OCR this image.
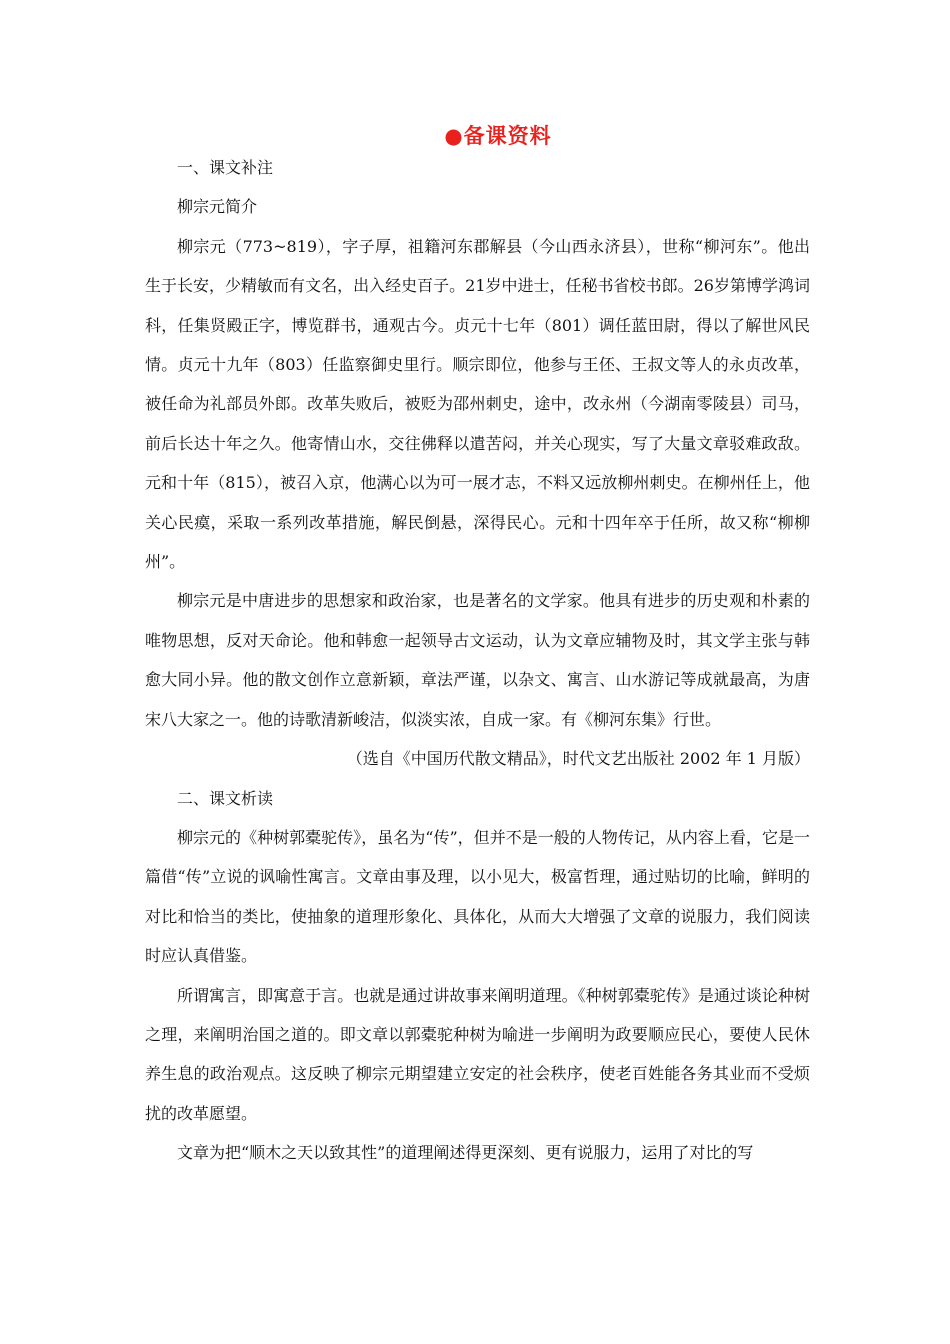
●备课资料

一、课文补注

柳宗元简介

柳宗元（773~819），字子厚，祖籍河东郡解县（今山西永济县），世称“柳河东”。他出生于长安，少精敏而有文名，出入经史百子。21岁中进士，任秘书省校书郎。26岁第博学鸿词科，任集贤殿正字，博览群书，通观古今。贞元十七年（801）调任蓝田尉，得以了解世风民情。贞元十九年（803）任监察御史里行。顺宗即位，他参与王伾、王叔文等人的永贞改革，被任命为礼部员外郎。改革失败后，被贬为邵州刺史，途中，改永州（今湖南零陵县）司马，前后长达十年之久。他寄情山水，交往佛释以遣苦闷，并关心现实，写了大量文章驳难政敌。元和十年（815），被召入京，他满心以为可一展才志，不料又远放柳州刺史。在柳州任上，他关心民瘼，采取一系列改革措施，解民倒悬，深得民心。元和十四年卒于任所，故又称“柳柳州”。

柳宗元是中唐进步的思想家和政治家，也是著名的文学家。他具有进步的历史观和朴素的唯物思想，反对天命论。他和韩愈一起领导古文运动，认为文章应辅物及时，其文学主张与韩愈大同小异。他的散文创作立意新颖，章法严谨，以杂文、寓言、山水游记等成就最高，为唐宋八大家之一。他的诗歌清新峻洁，似淡实浓，自成一家。有《柳河东集》行世。

（选自《中国历代散文精品》，时代文艺出版社 2002 年 1 月版）

二、课文析读

柳宗元的《种树郭橐驼传》，虽名为“传”，但并不是一般的人物传记，从内容上看，它是一篇借“传”立说的讽喻性寓言。文章由事及理，以小见大，极富哲理，通过贴切的比喻，鲜明的对比和恰当的类比，使抽象的道理形象化、具体化，从而大大增强了文章的说服力，我们阅读时应认真借鉴。

所谓寓言，即寓意于言。也就是通过讲故事来阐明道理。《种树郭橐驼传》是通过谈论种树之理，来阐明治国之道的。即文章以郭橐驼种树为喻进一步阐明为政要顺应民心，要使人民休养生息的政治观点。这反映了柳宗元期望建立安定的社会秩序，使老百姓能各务其业而不受烦扰的改革愿望。

文章为把“顺木之天以致其性”的道理阐述得更深刻、更有说服力，运用了对比的写
